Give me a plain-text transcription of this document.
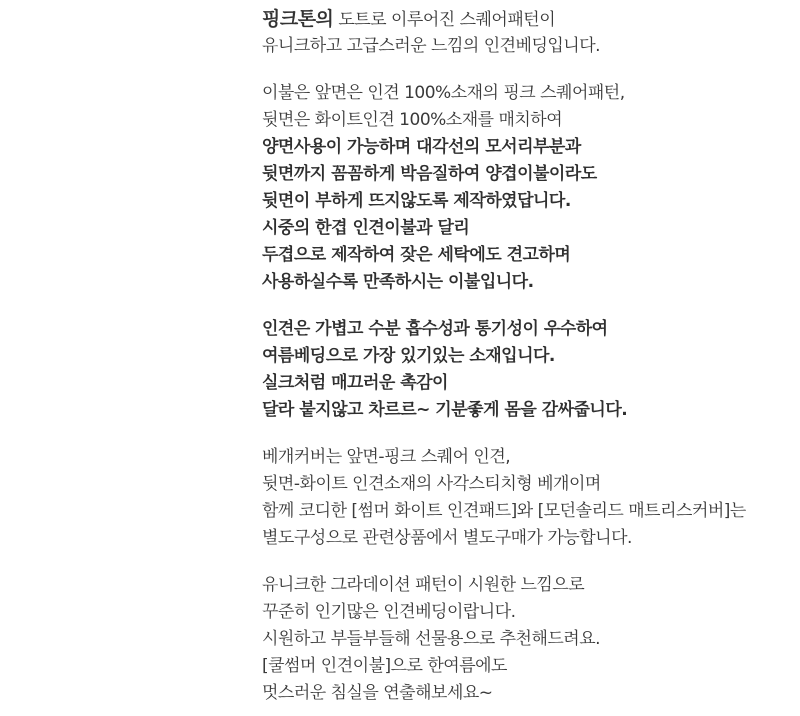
핑크톤의 도트로 이루어진 스퀘어패턴이
유니크하고 고급스러운 느낌의 인견베딩입니다.
이불은 앞면은 인견 100%소재의 핑크 스퀘어패턴,
뒷면은 화이트인견 100%소재를 매치하여
양면사용이 가능하며 대각선의 모서리부분과
뒷면까지 꼼꼼하게 박음질하여 양겹이불이라도
뒷면이 부하게 뜨지않도록 제작하였답니다.
시중의 한겹 인견이불과 달리
두겹으로 제작하여 잦은 세탁에도 견고하며
사용하실수록 만족하시는 이불입니다.
인견은 가볍고 수분 흡수성과 통기성이 우수하여
여름베딩으로 가장 있기있는 소재입니다.
실크처럼 매끄러운 촉감이
달라 붙지않고 차르르~ 기분좋게 몸을 감싸줍니다.
베개커버는 앞면-핑크 스퀘어 인견,
뒷면-화이트 인견소재의 사각스티치형 베개이며
함께 코디한 [썸머 화이트 인견패드]와 [모던솔리드 매트리스커버]는
별도구성으로 관련상품에서 별도구매가 가능합니다.
유니크한 그라데이션 패턴이 시원한 느낌으로
꾸준히 인기많은 인견베딩이랍니다.
시원하고 부들부들해 선물용으로 추천해드려요.
[쿨썸머 인견이불]으로 한여름에도
멋스러운 침실을 연출해보세요~
